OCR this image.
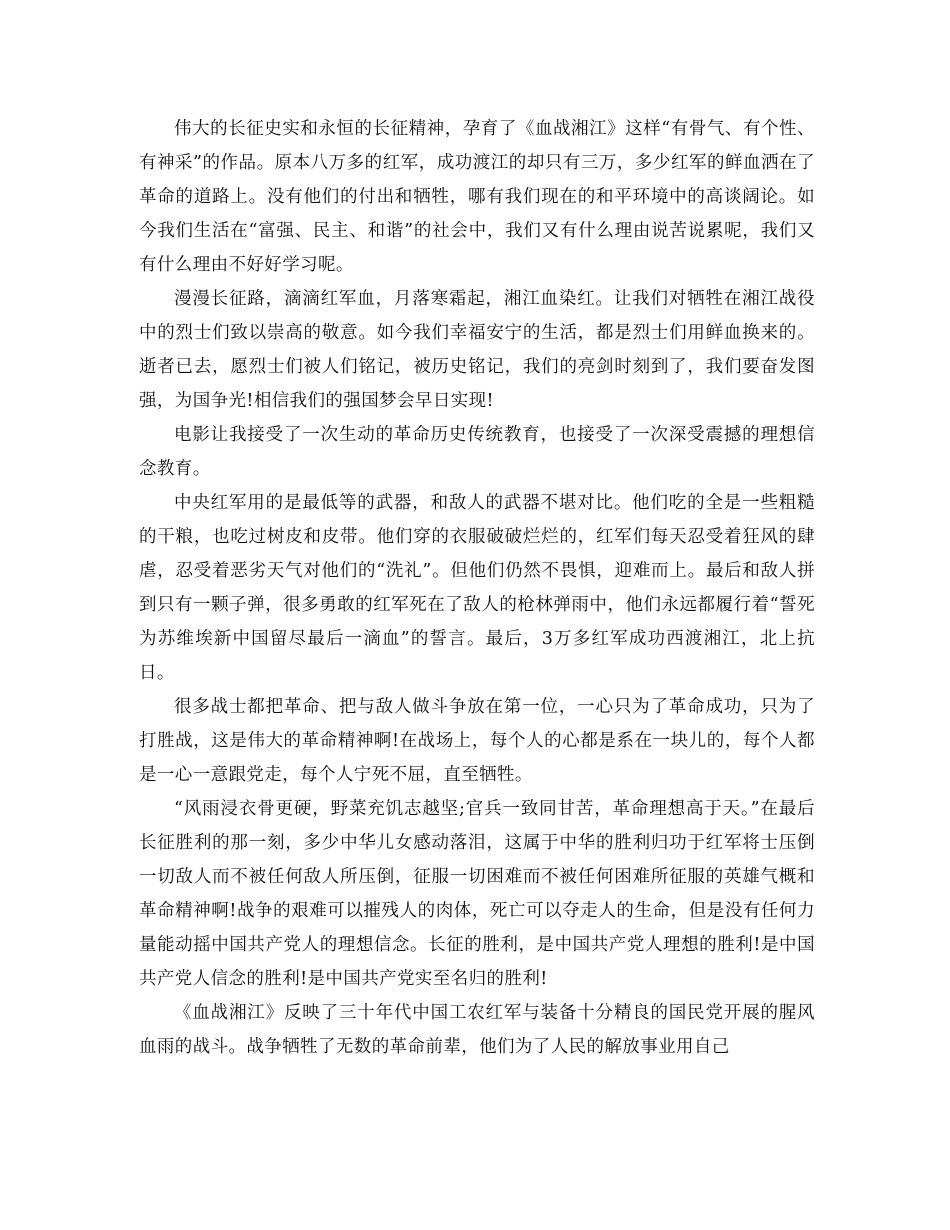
伟大的长征史实和永恒的长征精神，孕育了《血战湘江》这样“有骨气、有个性、有神采”的作品。原本八万多的红军，成功渡江的却只有三万，多少红军的鲜血洒在了革命的道路上。没有他们的付出和牺牲，哪有我们现在的和平环境中的高谈阔论。如今我们生活在“富强、民主、和谐”的社会中，我们又有什么理由说苦说累呢，我们又有什么理由不好好学习呢。

漫漫长征路，滴滴红军血，月落寒霜起，湘江血染红。让我们对牺牲在湘江战役中的烈士们致以崇高的敬意。如今我们幸福安宁的生活，都是烈士们用鲜血换来的。逝者已去，愿烈士们被人们铭记，被历史铭记，我们的亮剑时刻到了，我们要奋发图强，为国争光!相信我们的强国梦会早日实现!

电影让我接受了一次生动的革命历史传统教育，也接受了一次深受震撼的理想信念教育。

中央红军用的是最低等的武器，和敌人的武器不堪对比。他们吃的全是一些粗糙的干粮，也吃过树皮和皮带。他们穿的衣服破破烂烂的，红军们每天忍受着狂风的肆虐，忍受着恶劣天气对他们的“洗礼”。但他们仍然不畏惧，迎难而上。最后和敌人拼到只有一颗子弹，很多勇敢的红军死在了敌人的枪林弹雨中，他们永远都履行着“誓死为苏维埃新中国留尽最后一滴血”的誓言。最后，3万多红军成功西渡湘江，北上抗日。

很多战士都把革命、把与敌人做斗争放在第一位，一心只为了革命成功，只为了打胜战，这是伟大的革命精神啊!在战场上，每个人的心都是系在一块儿的，每个人都是一心一意跟党走，每个人宁死不屈，直至牺牲。

“风雨浸衣骨更硬，野菜充饥志越坚;官兵一致同甘苦，革命理想高于天。”在最后长征胜利的那一刻，多少中华儿女感动落泪，这属于中华的胜利归功于红军将士压倒一切敌人而不被任何敌人所压倒，征服一切困难而不被任何困难所征服的英雄气概和革命精神啊!战争的艰难可以摧残人的肉体，死亡可以夺走人的生命，但是没有任何力量能动摇中国共产党人的理想信念。长征的胜利，是中国共产党人理想的胜利!是中国共产党人信念的胜利!是中国共产党实至名归的胜利!

《血战湘江》反映了三十年代中国工农红军与装备十分精良的国民党开展的腥风血雨的战斗。战争牺牲了无数的革命前辈，他们为了人民的解放事业用自己
